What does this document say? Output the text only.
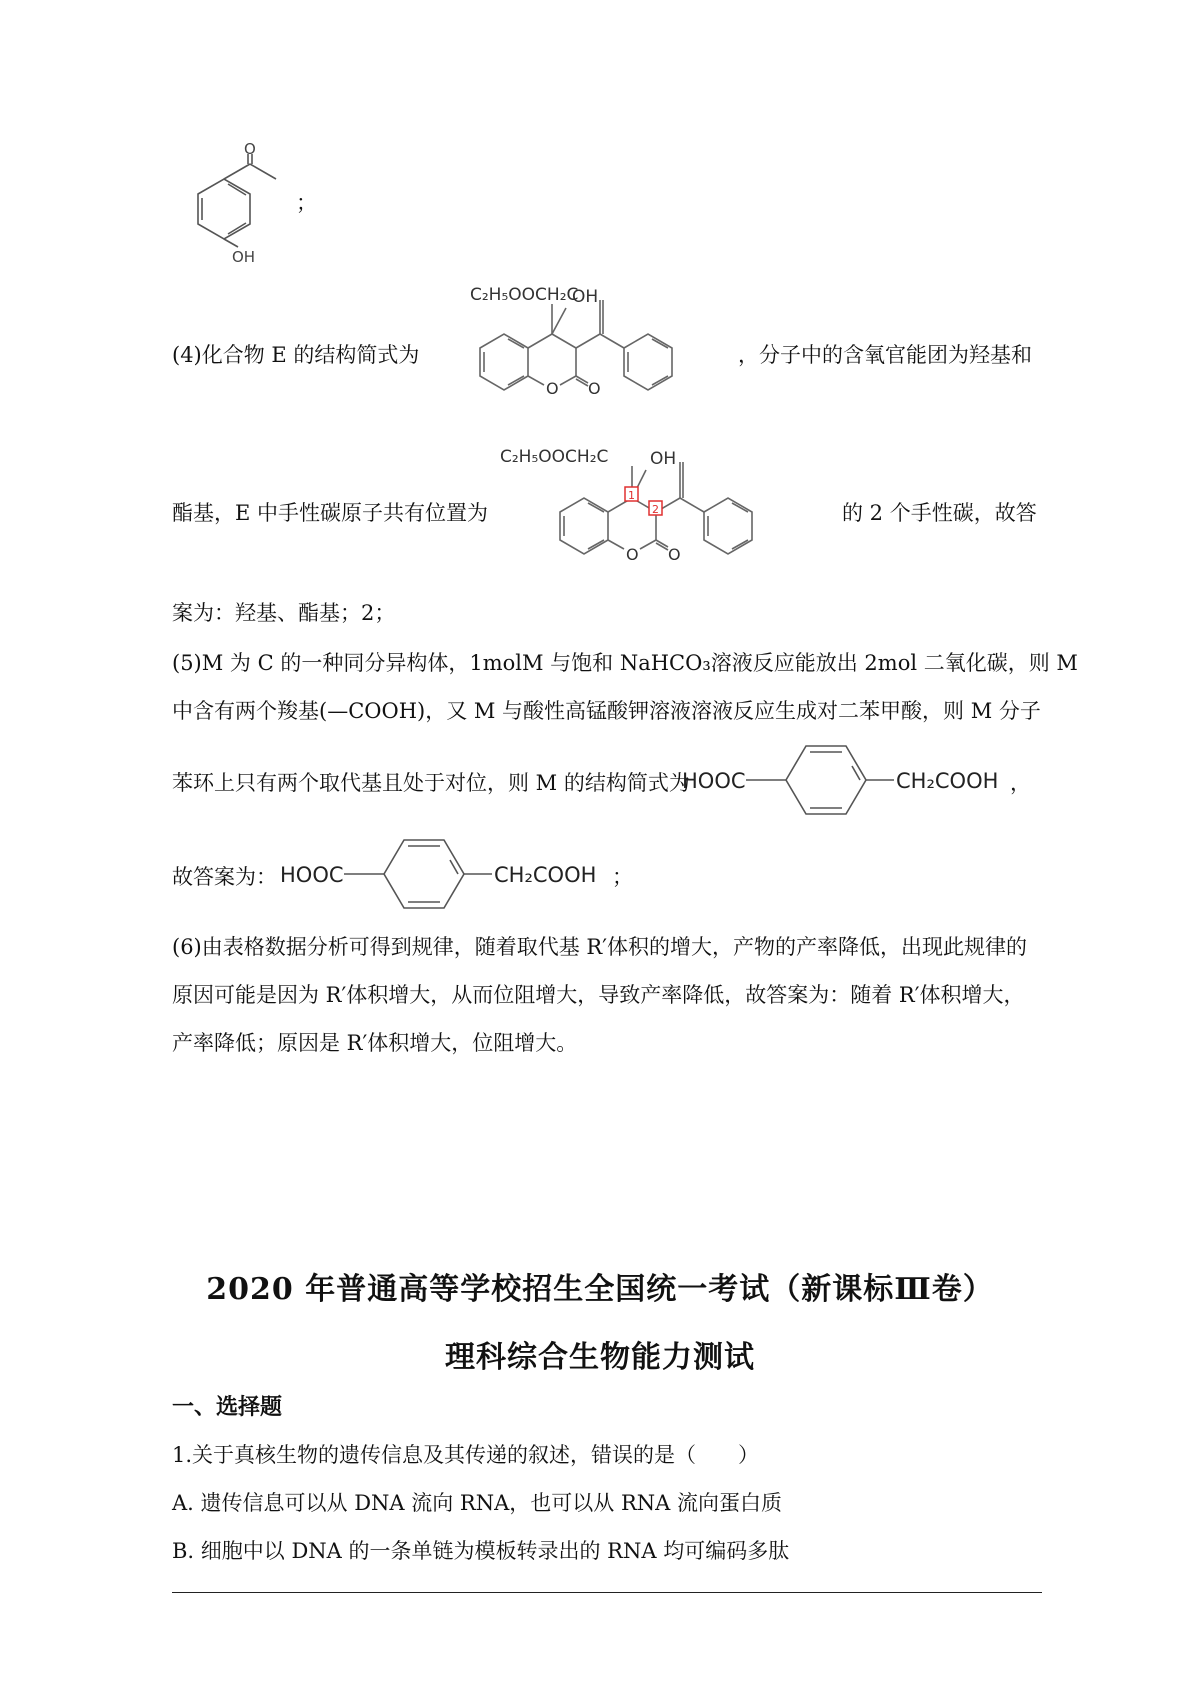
O
OH
；
(4)化合物 E 的结构简式为
C₂H₅OOCH₂C
OH
O O
，分子中的含氧官能团为羟基和
1
2
C₂H₅OOCH₂C OH
O O
酯基，E 中手性碳原子共有位置为	的 2 个手性碳，故答
案为：羟基、酯基；2；
(5)M 为 C 的一种同分异构体，1molM 与饱和 NaHCO₃溶液反应能放出 2mol 二氧化碳，则 M
中含有两个羧基(—COOH)，又 M 与酸性高锰酸钾溶液溶液反应生成对二苯甲酸，则 M 分子
苯环上只有两个取代基且处于对位，则 M 的结构简式为
HOOC	CH₂COOH ，
故答案为： HOOC	CH₂COOH ；
(6)由表格数据分析可得到规律，随着取代基 R′体积的增大，产物的产率降低，出现此规律的
原因可能是因为 R′体积增大，从而位阻增大，导致产率降低，故答案为：随着 R′体积增大，
产率降低；原因是 R′体积增大，位阻增大。
2020 年普通高等学校招生全国统一考试（新课标Ⅲ卷）
理科综合生物能力测试
一、选择题
1.关于真核生物的遗传信息及其传递的叙述，错误的是（　　）
A. 遗传信息可以从 DNA 流向 RNA，也可以从 RNA 流向蛋白质
B. 细胞中以 DNA 的一条单链为模板转录出的 RNA 均可编码多肽
